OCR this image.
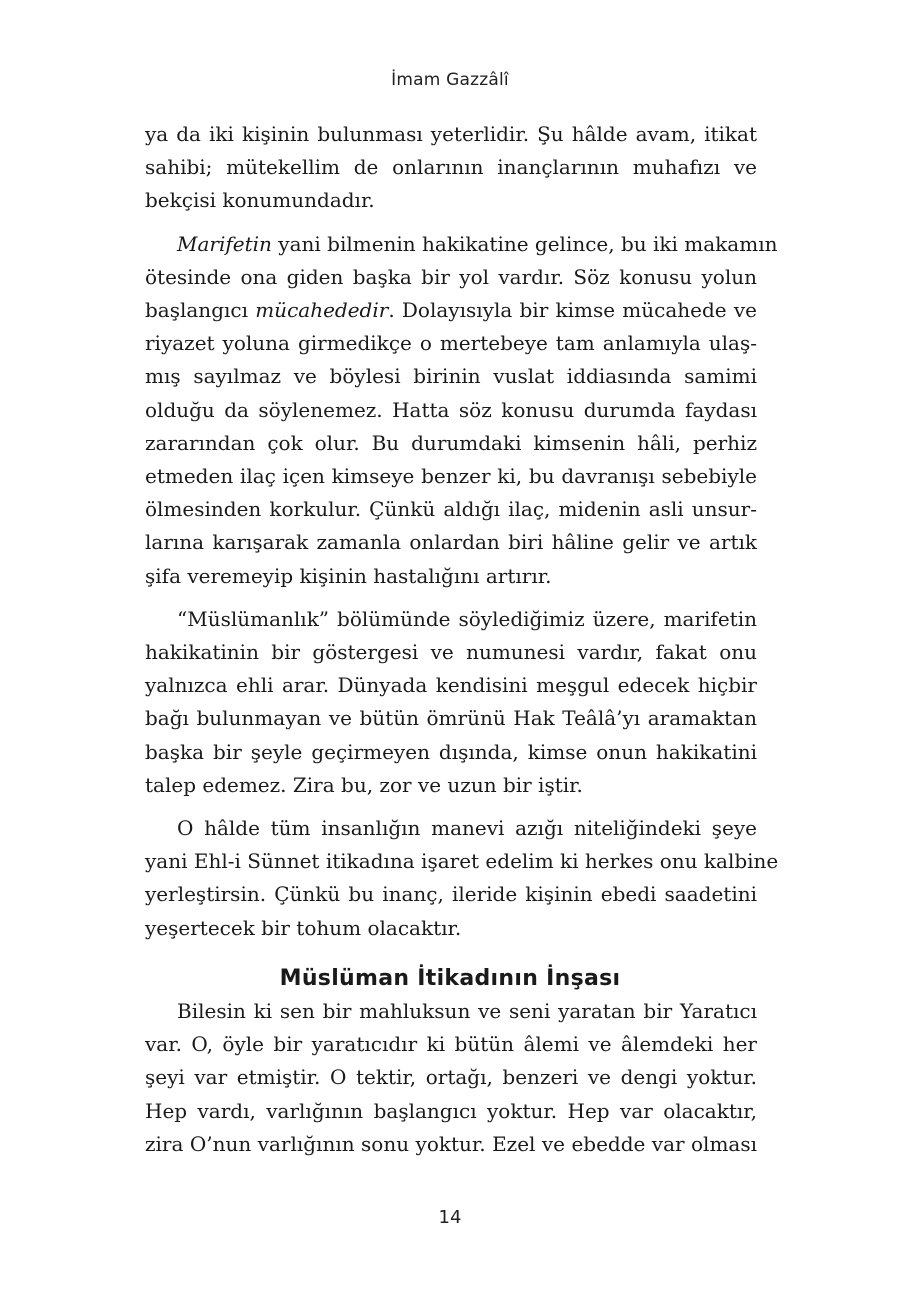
İmam Gazzâlî
ya da iki kişinin bulunması yeterlidir. Şu hâlde avam, itikat
sahibi; mütekellim de onlarının inançlarının muhafızı ve
bekçisi konumundadır.
Marifetin yani bilmenin hakikatine gelince, bu iki makamın
ötesinde ona giden başka bir yol vardır. Söz konusu yolun
başlangıcı mücahededir. Dolayısıyla bir kimse mücahede ve
riyazet yoluna girmedikçe o mertebeye tam anlamıyla ulaş-
mış sayılmaz ve böylesi birinin vuslat iddiasında samimi
olduğu da söylenemez. Hatta söz konusu durumda faydası
zararından çok olur. Bu durumdaki kimsenin hâli, perhiz
etmeden ilaç içen kimseye benzer ki, bu davranışı sebebiyle
ölmesinden korkulur. Çünkü aldığı ilaç, midenin asli unsur-
larına karışarak zamanla onlardan biri hâline gelir ve artık
şifa veremeyip kişinin hastalığını artırır.
“Müslümanlık” bölümünde söylediğimiz üzere, marifetin
hakikatinin bir göstergesi ve numunesi vardır, fakat onu
yalnızca ehli arar. Dünyada kendisini meşgul edecek hiçbir
bağı bulunmayan ve bütün ömrünü Hak Teâlâ’yı aramaktan
başka bir şeyle geçirmeyen dışında, kimse onun hakikatini
talep edemez. Zira bu, zor ve uzun bir iştir.
O hâlde tüm insanlığın manevi azığı niteliğindeki şeye
yani Ehl-i Sünnet itikadına işaret edelim ki herkes onu kalbine
yerleştirsin. Çünkü bu inanç, ileride kişinin ebedi saadetini
yeşertecek bir tohum olacaktır.
Müslüman İtikadının İnşası
Bilesin ki sen bir mahluksun ve seni yaratan bir Yaratıcı
var. O, öyle bir yaratıcıdır ki bütün âlemi ve âlemdeki her
şeyi var etmiştir. O tektir, ortağı, benzeri ve dengi yoktur.
Hep vardı, varlığının başlangıcı yoktur. Hep var olacaktır,
zira O’nun varlığının sonu yoktur. Ezel ve ebedde var olması
14
